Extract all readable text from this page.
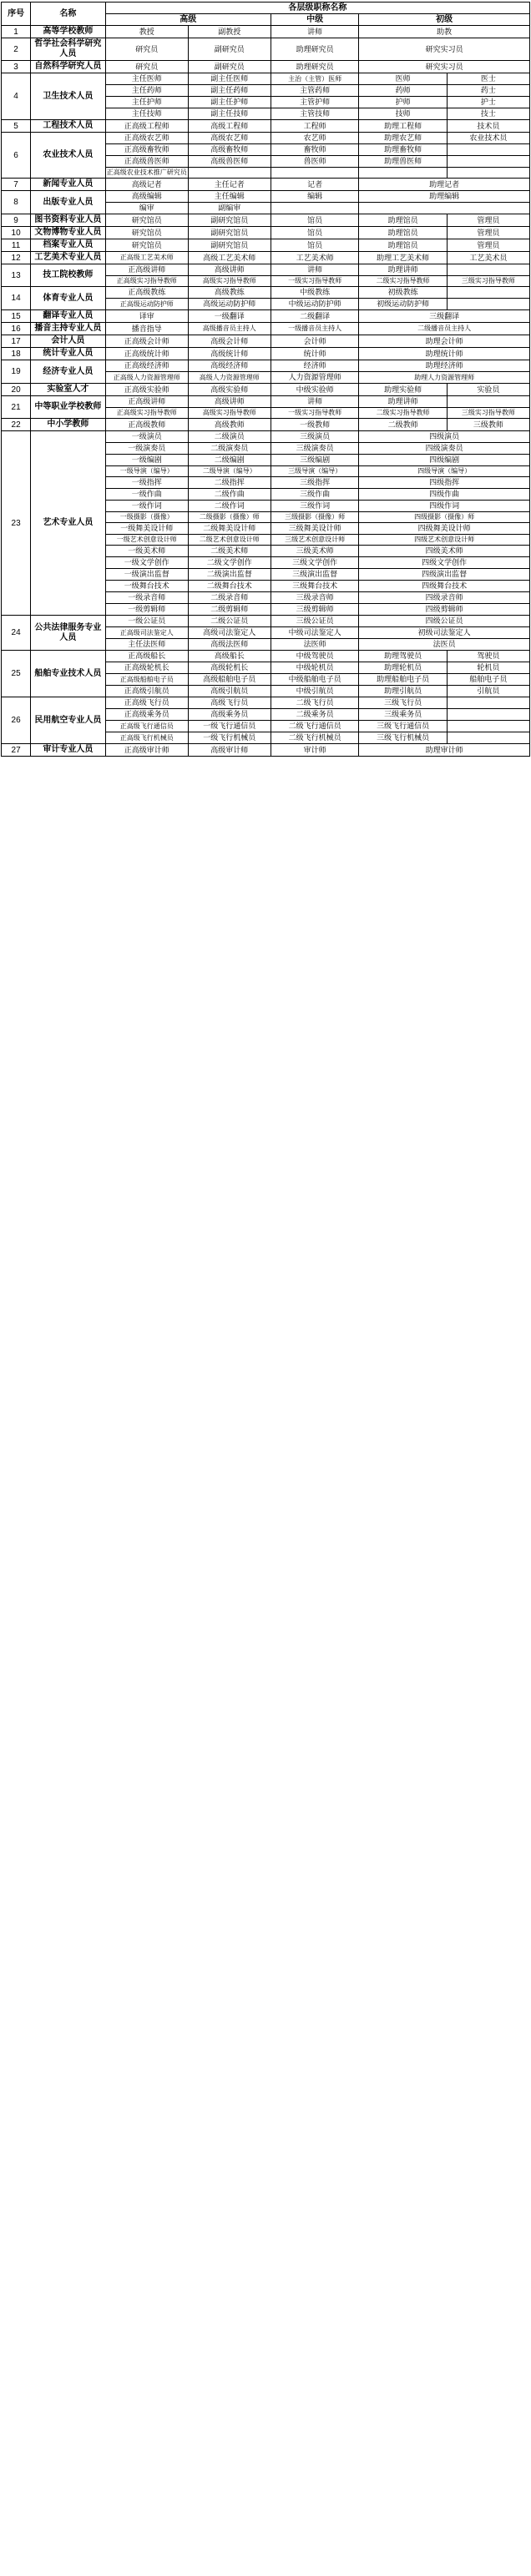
序号	名称	各层级职称名称				
		高级		中级	初级	
1	高等学校教师	教授	副教授	讲师	助教	
2	哲学社会科学研究人员	研究员	副研究员	助理研究员	研究实习员	
3	自然科学研究人员	研究员	副研究员	助理研究员	研究实习员	
4	卫生技术人员	主任医师	副主任医师	主治（主管）医师	医师	医士
		主任药师	副主任药师	主管药师	药师	药士
		主任护师	副主任护师	主管护师	护师	护士
		主任技师	副主任技师	主管技师	技师	技士
5	工程技术人员	正高级工程师	高级工程师	工程师	助理工程师	技术员
6	农业技术人员	正高级农艺师	高级农艺师	农艺师	助理农艺师	农业技术员
		正高级畜牧师	高级畜牧师	畜牧师	助理畜牧师	
		正高级兽医师	高级兽医师	兽医师	助理兽医师	
		正高级农业技术推广研究员				
7	新闻专业人员	高级记者	主任记者	记者	助理记者	
8	出版专业人员	高级编辑	主任编辑	编辑	助理编辑	
		编审	副编审			
9	图书资料专业人员	研究馆员	副研究馆员	馆员	助理馆员	管理员
10	文物博物专业人员	研究馆员	副研究馆员	馆员	助理馆员	管理员
11	档案专业人员	研究馆员	副研究馆员	馆员	助理馆员	管理员
12	工艺美术专业人员	正高级工艺美术师	高级工艺美术师	工艺美术师	助理工艺美术师	工艺美术员
13	技工院校教师	正高级讲师	高级讲师	讲师	助理讲师	
		正高级实习指导教师	高级实习指导教师	一级实习指导教师	二级实习指导教师	三级实习指导教师
14	体育专业人员	正高级教练	高级教练	中级教练	初级教练	
		正高级运动防护师	高级运动防护师	中级运动防护师	初级运动防护师	
15	翻译专业人员	译审	一级翻译	二级翻译	三级翻译	
16	播音主持专业人员	播音指导	高级播音员主持人	一级播音员主持人	二级播音员主持人	
17	会计人员	正高级会计师	高级会计师	会计师	助理会计师	
18	统计专业人员	正高级统计师	高级统计师	统计师	助理统计师	
19	经济专业人员	正高级经济师	高级经济师	经济师	助理经济师	
		正高级人力资源管理师	高级人力资源管理师	人力资源管理师	助理人力资源管理师	
20	实验室人才	正高级实验师	高级实验师	中级实验师	助理实验师	实验员
21	中等职业学校教师	正高级讲师	高级讲师	讲师	助理讲师	
		正高级实习指导教师	高级实习指导教师	一级实习指导教师	二级实习指导教师	三级实习指导教师
22	中小学教师	正高级教师	高级教师	一级教师	二级教师	三级教师
23	艺术专业人员	一级演员	二级演员	三级演员	四级演员	
		一级演奏员	二级演奏员	三级演奏员	四级演奏员	
		一级编剧	二级编剧	三级编剧	四级编剧	
		一级导演（编导）	二级导演（编导）	三级导演（编导）	四级导演（编导）	
		一级指挥	二级指挥	三级指挥	四级指挥	
		一级作曲	二级作曲	三级作曲	四级作曲	
		一级作词	二级作词	三级作词	四级作词	
		一级摄影（摄像）	二级摄影（摄像）师	三级摄影（摄像）师	四级摄影（摄像）师	
		一级舞美设计师	二级舞美设计师	三级舞美设计师	四级舞美设计师	
		一级艺术创意设计师	二级艺术创意设计师	三级艺术创意设计师	四级艺术创意设计师	
		一级美术师	二级美术师	三级美术师	四级美术师	
		一级文学创作	二级文学创作	三级文学创作	四级文学创作	
		一级演出监督	二级演出监督	三级演出监督	四级演出监督	
		一级舞台技术	二级舞台技术	三级舞台技术	四级舞台技术	
		一级录音师	二级录音师	三级录音师	四级录音师	
		一级剪辑师	二级剪辑师	三级剪辑师	四级剪辑师	
24	公共法律服务专业人员	一级公证员	二级公证员	三级公证员	四级公证员	
		正高级司法鉴定人	高级司法鉴定人	中级司法鉴定人	初级司法鉴定人	
		主任法医师	高级法医师	法医师	法医员	
25	船舶专业技术人员	正高级船长	高级船长	中级驾驶员	助理驾驶员	驾驶员
		正高级轮机长	高级轮机长	中级轮机员	助理轮机员	轮机员
		正高级船舶电子员	高级船舶电子员	中级船舶电子员	助理船舶电子员	船舶电子员
		正高级引航员	高级引航员	中级引航员	助理引航员	引航员
26	民用航空专业人员	正高级飞行员	高级飞行员	二级飞行员	三级飞行员	
		正高级乘务员	高级乘务员	二级乘务员	三级乘务员	
		正高级飞行通信员	一级飞行通信员	二级飞行通信员	三级飞行通信员	
		正高级飞行机械员	一级飞行机械员	二级飞行机械员	三级飞行机械员	
27	审计专业人员	正高级审计师	高级审计师	审计师	助理审计师	
